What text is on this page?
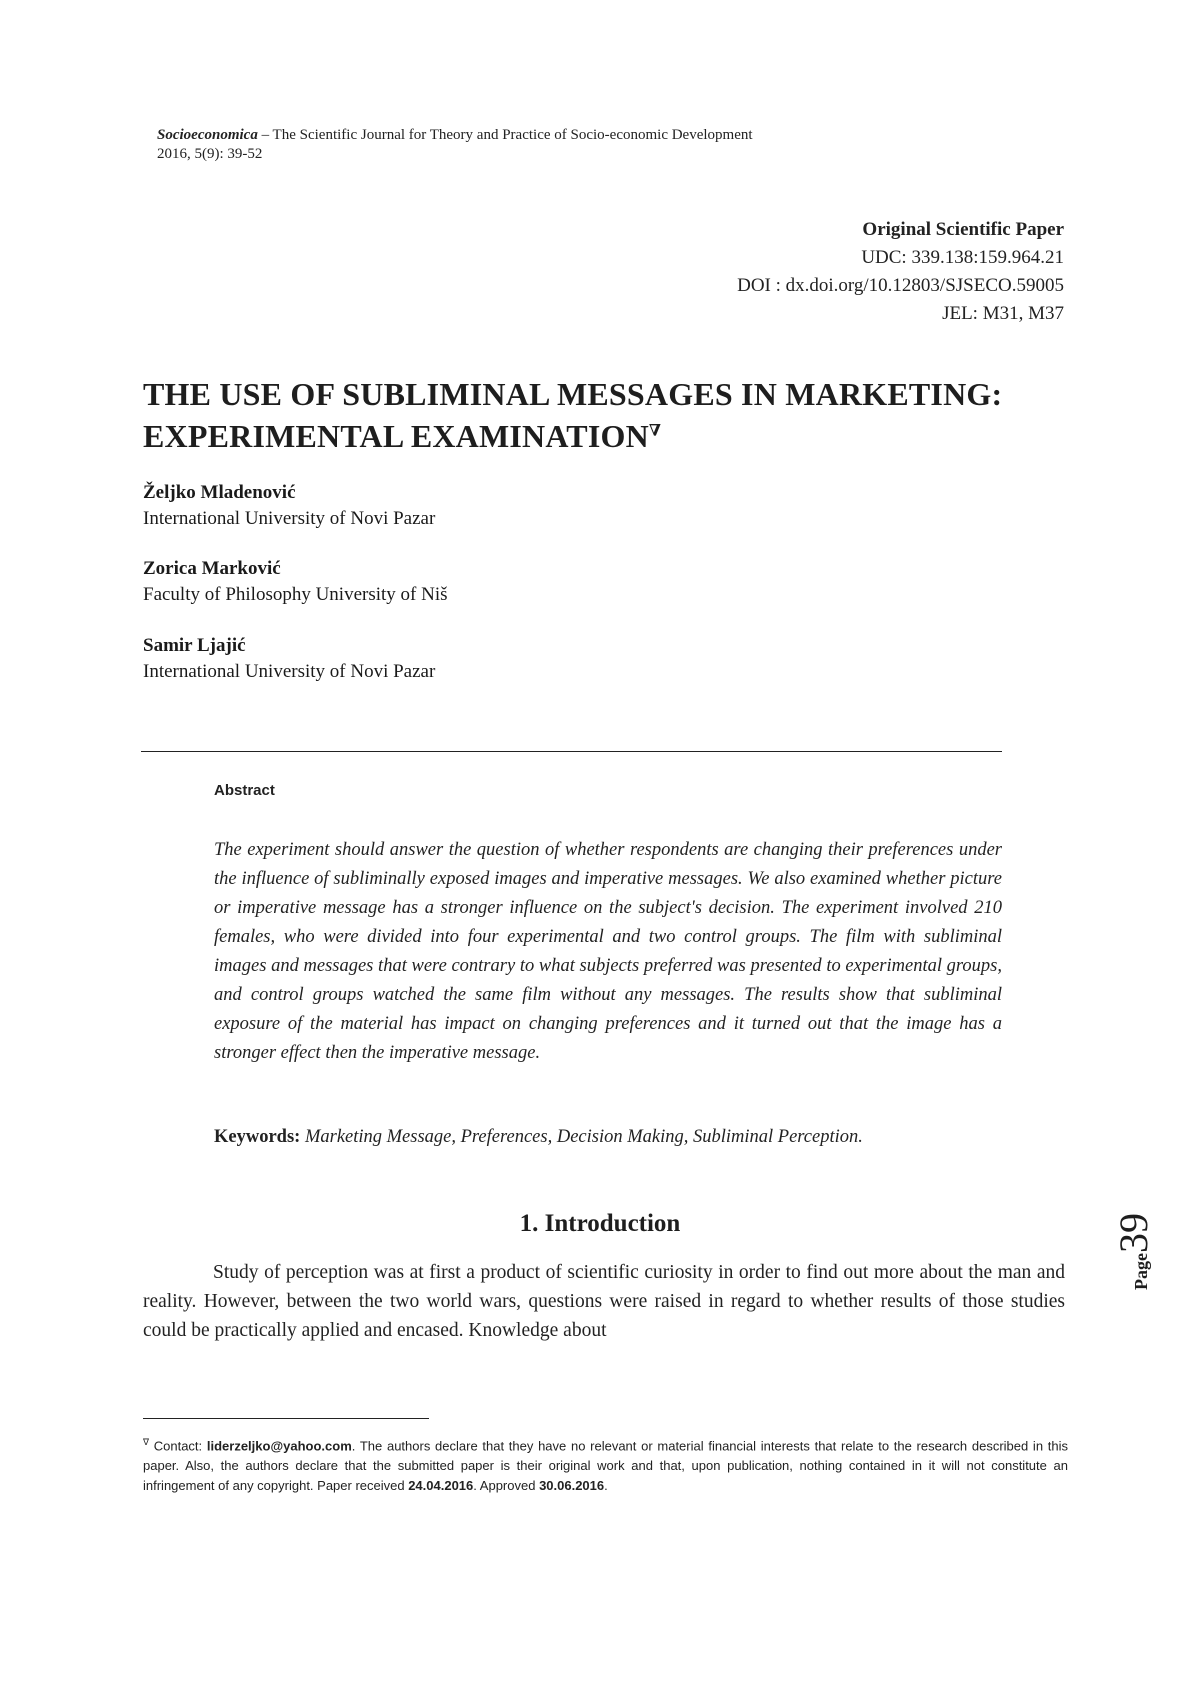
Socioeconomica – The Scientific Journal for Theory and Practice of Socio-economic Development
2016, 5(9): 39-52
Original Scientific Paper
UDC: 339.138:159.964.21
DOI : dx.doi.org/10.12803/SJSECO.59005
JEL: M31, M37
THE USE OF SUBLIMINAL MESSAGES IN MARKETING:
EXPERIMENTAL EXAMINATION∇
Željko Mladenović
International University of Novi Pazar
Zorica Marković
Faculty of Philosophy University of Niš
Samir Ljajić
International University of Novi Pazar
Abstract
The experiment should answer the question of whether respondents are changing their preferences under the influence of subliminally exposed images and imperative messages. We also examined whether picture or imperative message has a stronger influence on the subject's decision. The experiment involved 210 females, who were divided into four experimental and two control groups. The film with subliminal images and messages that were contrary to what subjects preferred was presented to experimental groups, and control groups watched the same film without any messages. The results show that subliminal exposure of the material has impact on changing preferences and it turned out that the image has a stronger effect then the imperative message.
Keywords: Marketing Message, Preferences, Decision Making, Subliminal Perception.
1. Introduction
Study of perception was at first a product of scientific curiosity in order to find out more about the man and reality. However, between the two world wars, questions were raised in regard to whether results of those studies could be practically applied and encased. Knowledge about
∇ Contact: liderzeljko@yahoo.com. The authors declare that they have no relevant or material financial interests that relate to the research described in this paper. Also, the authors declare that the submitted paper is their original work and that, upon publication, nothing contained in it will not constitute an infringement of any copyright. Paper received 24.04.2016. Approved 30.06.2016.
Page39
